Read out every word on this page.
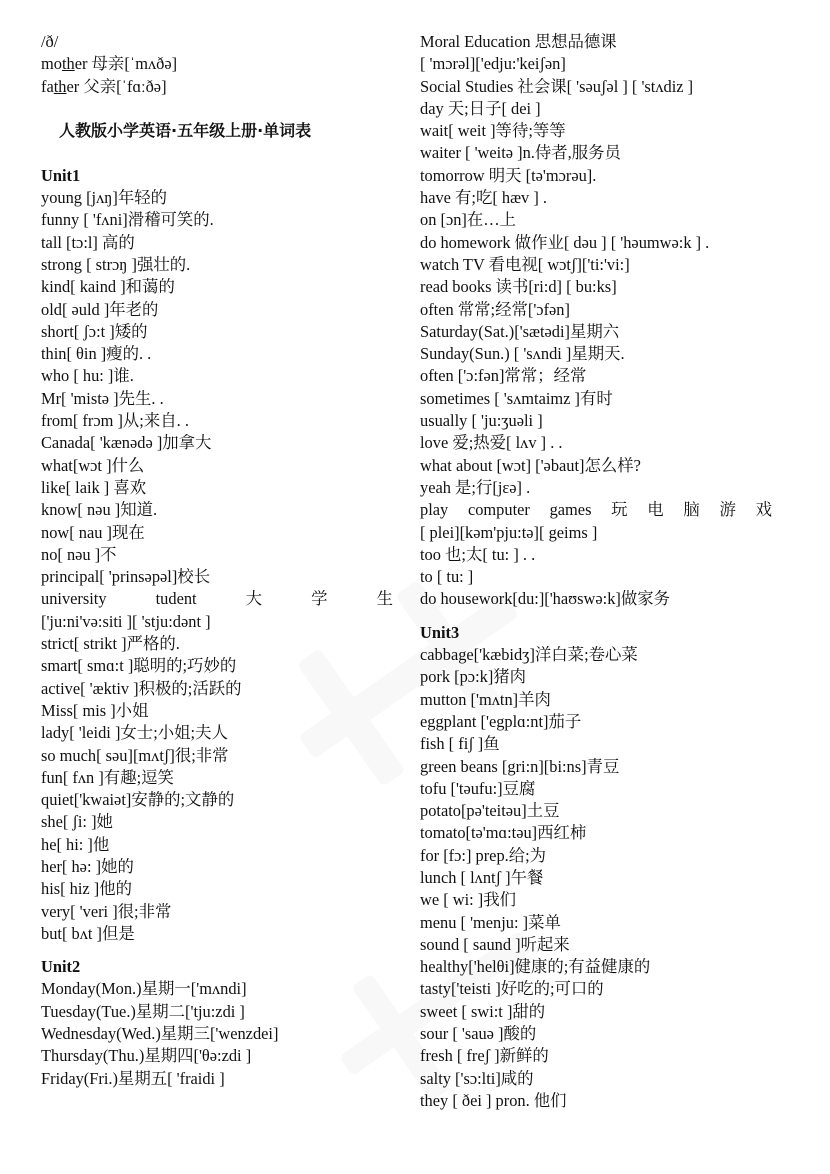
/ð/
mother 母亲[ˈmʌðə]
father 父亲[ˈfɑːðə]
人教版小学英语·五年级上册·单词表
Unit1
young [jʌŋ]年轻的
funny [ 'fʌni]滑稽可笑的.
tall [tɔ:l] 高的
strong [ strɔŋ ]强壮的.
kind[ kaind ]和蔼的
old[ əuld ]年老的
short[ ʃɔ:t ]矮的
thin[ θin ]瘦的. .
who [ hu: ]谁.
Mr[ 'mistə ]先生. .
from[ frɔm ]从;来自. .
Canada[ 'kænədə ]加拿大
what[wɔt ]什么
like[ laik ] 喜欢
know[ nəu ]知道.
now[ nau ]现在
no[ nəu ]不
principal[ 'prinsəpəl]校长
university	tudent	大	学	生
['ju:ni'və:siti ][ 'stju:dənt ]
strict[ strikt ]严格的.
smart[ smɑ:t ]聪明的;巧妙的
active[ 'æktiv ]积极的;活跃的
Miss[ mis ]小姐
lady[ 'leidi ]女士;小姐;夫人
so much[ səu][mʌtʃ]很;非常
fun[ fʌn ]有趣;逗笑
quiet['kwaiət]安静的;文静的
she[ ʃi: ]她
he[ hi: ]他
her[ hə: ]她的
his[ hiz ]他的
very[ 'veri ]很;非常
but[ bʌt ]但是
Unit2
Monday(Mon.)星期一['mʌndi]
Tuesday(Tue.)星期二['tju:zdi ]
Wednesday(Wed.)星期三['wenzdei]
Thursday(Thu.)星期四['θə:zdi ]
Friday(Fri.)星期五[ 'fraidi ]
Moral Education 思想品德课
[ 'mɔrəl]['edju:'keiʃən]
Social Studies 社会课[ 'səuʃəl ] [ 'stʌdiz ]
day 天;日子[ dei ]
wait[ weit ]等待;等等
waiter [ 'weitə ]n.侍者,服务员
tomorrow 明天 [tə'mɔrəu].
have 有;吃[ hæv ] .
on [ɔn]在…上
do homework 做作业[ dəu ] [ 'həumwə:k ] .
watch TV 看电视[ wɔtʃ]['ti:'vi:]
read books 读书[ri:d] [ bu:ks]
often 常常;经常['ɔfən]
Saturday(Sat.)['sætədi]星期六
Sunday(Sun.) [ 'sʌndi ]星期天.
often ['ɔ:fən]常常；经常
sometimes [ 'sʌmtaimz ]有时
usually [ 'ju:ʒuəli ]
love 爱;热爱[ lʌv ] . .
what about [wɔt] ['əbaut]怎么样?
yeah 是;行[jɛə] .
play computer games 玩 电 脑 游 戏
[ plei][kəm'pju:tə][ geims ]
too 也;太[ tu: ] . .
to [ tu: ]
do housework[du:]['haʊswə:k]做家务
Unit3
cabbage['kæbidʒ]洋白菜;卷心菜
pork [pɔ:k]猪肉
mutton ['mʌtn]羊肉
eggplant ['egplɑ:nt]茄子
fish [ fiʃ ]鱼
green beans [gri:n][bi:ns]青豆
tofu ['təufu:]豆腐
potato[pə'teitəu]土豆
tomato[tə'mɑ:təu]西红柿
for [fɔ:] prep.给;为
lunch [ lʌntʃ ]午餐
we [ wi: ]我们
menu [ 'menju: ]菜单
sound [ saund ]听起来
healthy['helθi]健康的;有益健康的
tasty['teisti ]好吃的;可口的
sweet [ swi:t ]甜的
sour [ 'sauə ]酸的
fresh [ freʃ ]新鲜的
salty ['sɔ:lti]咸的
they [ ðei ] pron. 他们
